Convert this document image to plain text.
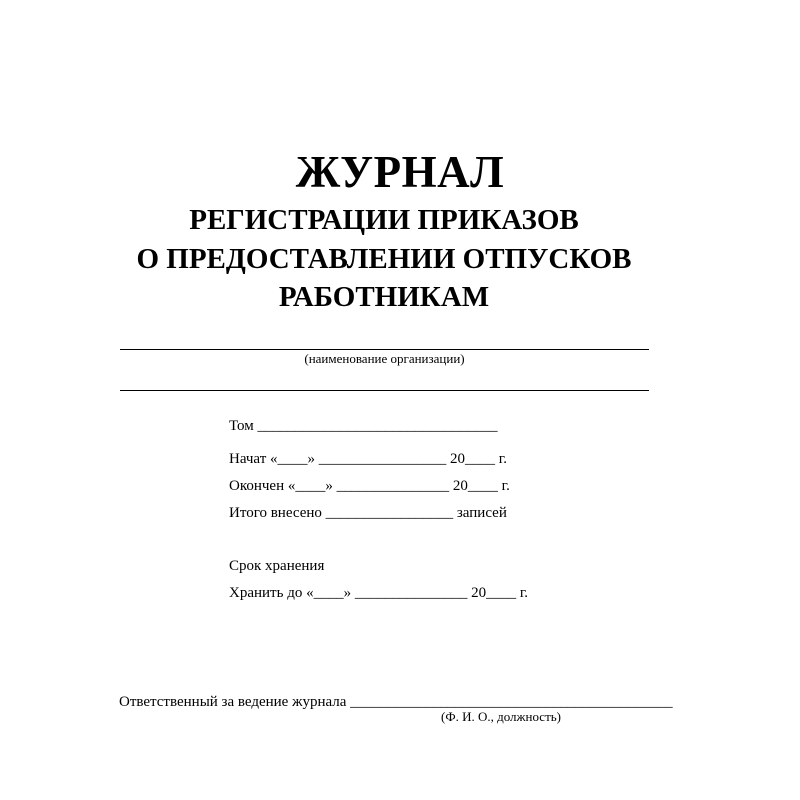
ЖУРНАЛ
РЕГИСТРАЦИИ ПРИКАЗОВ
О ПРЕДОСТАВЛЕНИИ ОТПУСКОВ
РАБОТНИКАМ
(наименование организации)
Том ________________________________
Начат «____» _________________ 20____ г.
Окончен «____» _______________ 20____ г.
Итого внесено _________________ записей
Срок хранения
Хранить до «____» _______________ 20____ г.
Ответственный за ведение журнала ___________________________________________
(Ф. И. О., должность)
